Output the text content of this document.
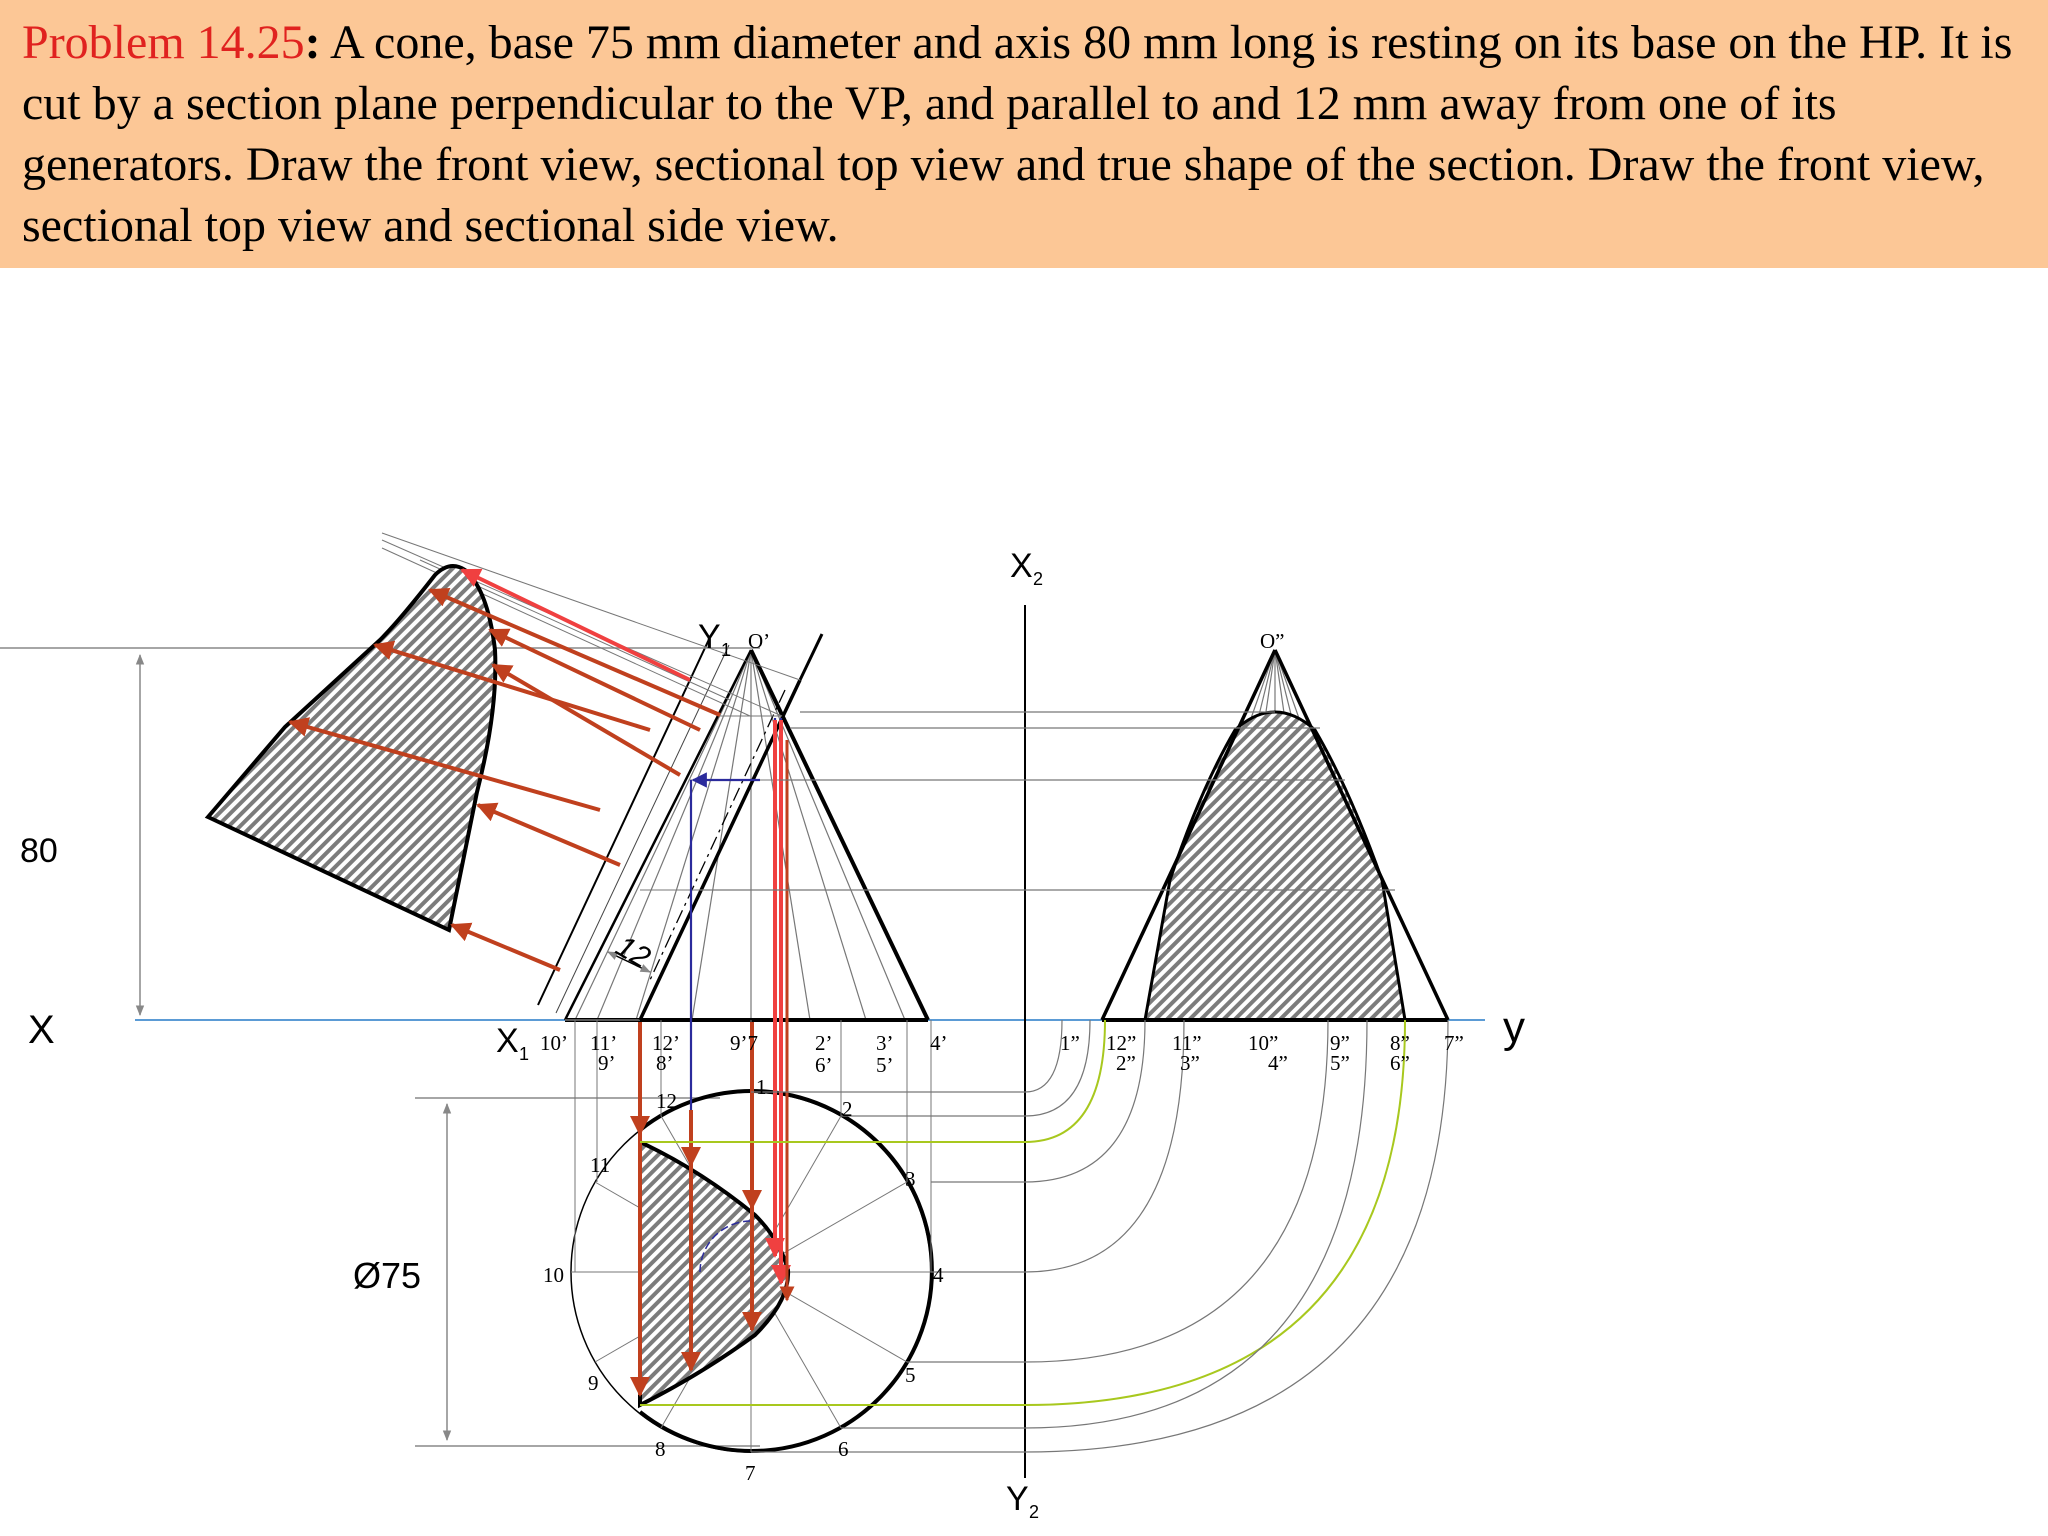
Problem 14.25: A cone, base 75 mm diameter and axis 80 mm long is resting on its base on the HP. It is cut by a section plane perpendicular to the VP, and parallel to and 12 mm away from one of its generators. Draw the front view, sectional top view and true shape of the section. Draw the front view, sectional top view and sectional side view.
12
X	y
80
Ø75
X 1
Y 1
X 2
Y 2
O’	O”
10’ 11’
9’
12’
8’
9’7	2’
6’
3’
5’
4’
1
2
3
4
5
6
7
8
9
10
11
12
1” 12”
2”
11”
3”
10”
4”
9”
5”
8”
6”
7”
